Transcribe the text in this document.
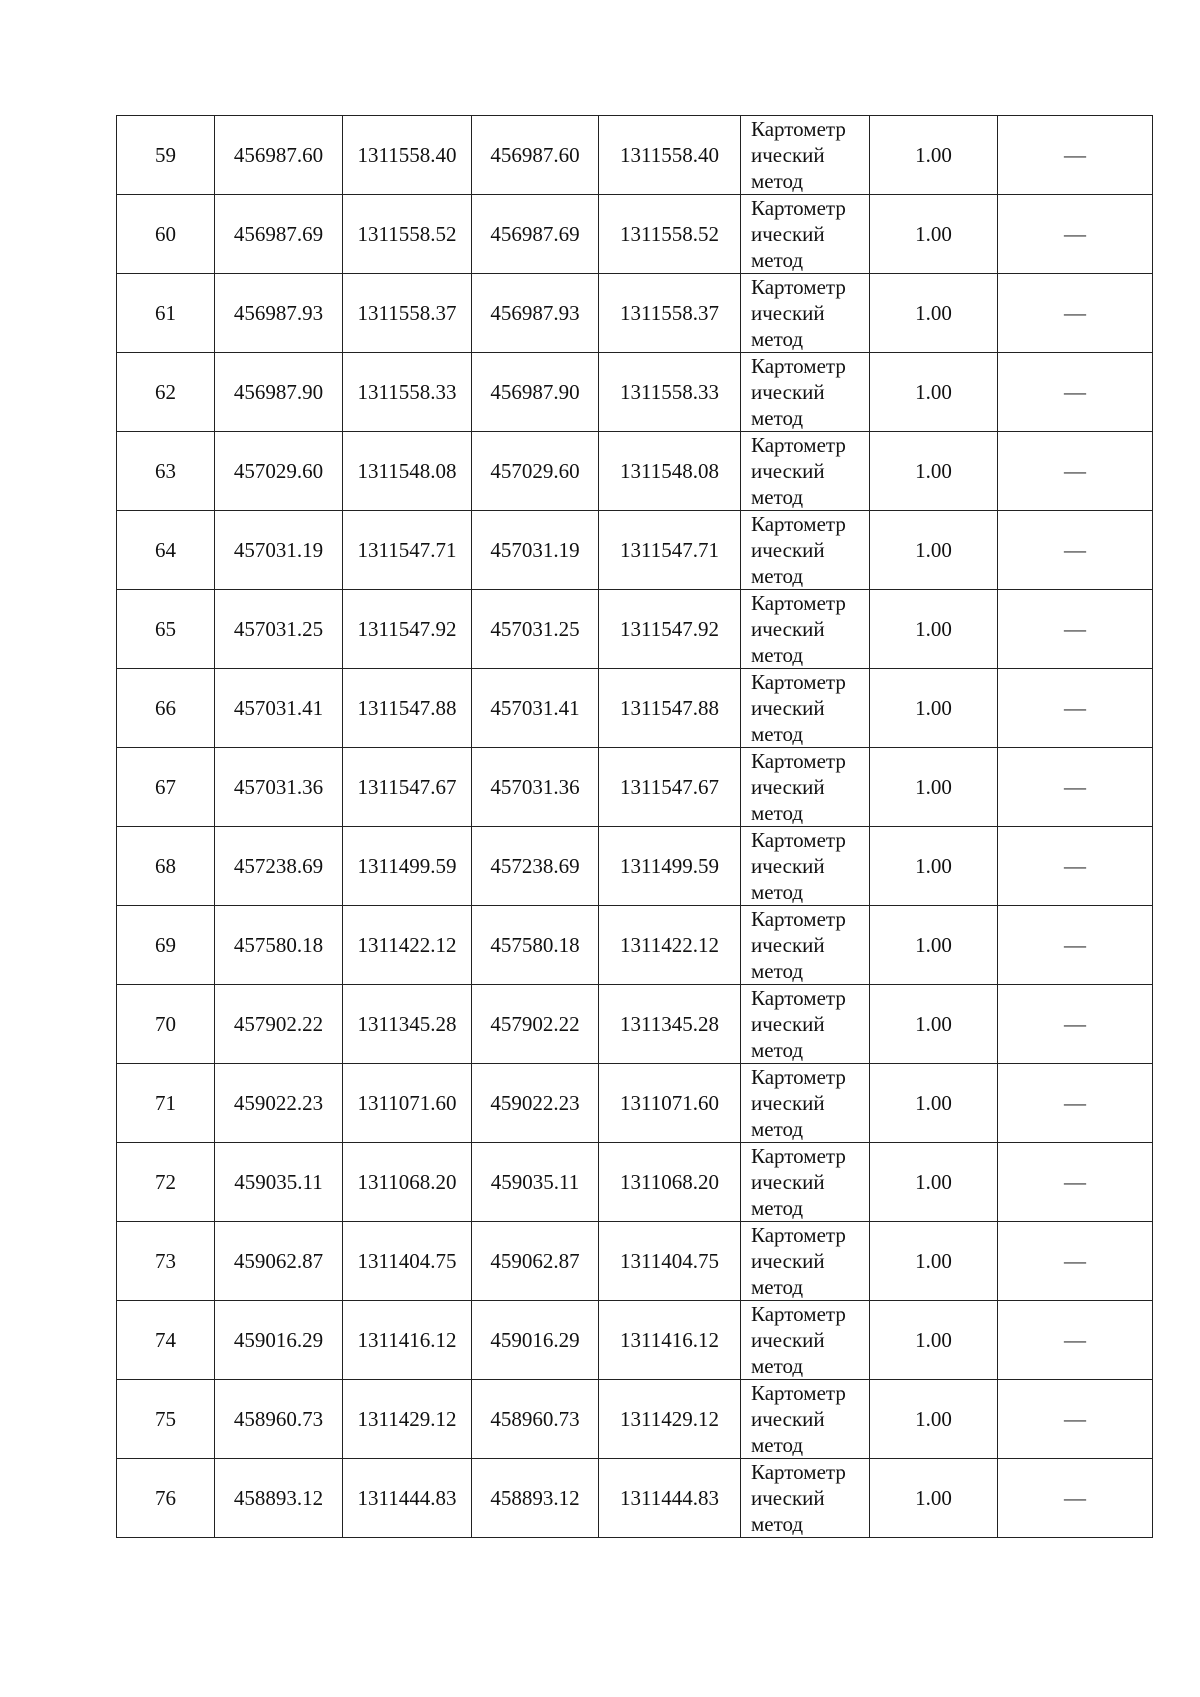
59	456987.60	1311558.40	456987.60	1311558.40	Картометр
ический
метод	1.00	—
60	456987.69	1311558.52	456987.69	1311558.52	Картометр
ический
метод	1.00	—
61	456987.93	1311558.37	456987.93	1311558.37	Картометр
ический
метод	1.00	—
62	456987.90	1311558.33	456987.90	1311558.33	Картометр
ический
метод	1.00	—
63	457029.60	1311548.08	457029.60	1311548.08	Картометр
ический
метод	1.00	—
64	457031.19	1311547.71	457031.19	1311547.71	Картометр
ический
метод	1.00	—
65	457031.25	1311547.92	457031.25	1311547.92	Картометр
ический
метод	1.00	—
66	457031.41	1311547.88	457031.41	1311547.88	Картометр
ический
метод	1.00	—
67	457031.36	1311547.67	457031.36	1311547.67	Картометр
ический
метод	1.00	—
68	457238.69	1311499.59	457238.69	1311499.59	Картометр
ический
метод	1.00	—
69	457580.18	1311422.12	457580.18	1311422.12	Картометр
ический
метод	1.00	—
70	457902.22	1311345.28	457902.22	1311345.28	Картометр
ический
метод	1.00	—
71	459022.23	1311071.60	459022.23	1311071.60	Картометр
ический
метод	1.00	—
72	459035.11	1311068.20	459035.11	1311068.20	Картометр
ический
метод	1.00	—
73	459062.87	1311404.75	459062.87	1311404.75	Картометр
ический
метод	1.00	—
74	459016.29	1311416.12	459016.29	1311416.12	Картометр
ический
метод	1.00	—
75	458960.73	1311429.12	458960.73	1311429.12	Картометр
ический
метод	1.00	—
76	458893.12	1311444.83	458893.12	1311444.83	Картометр
ический
метод	1.00	—
